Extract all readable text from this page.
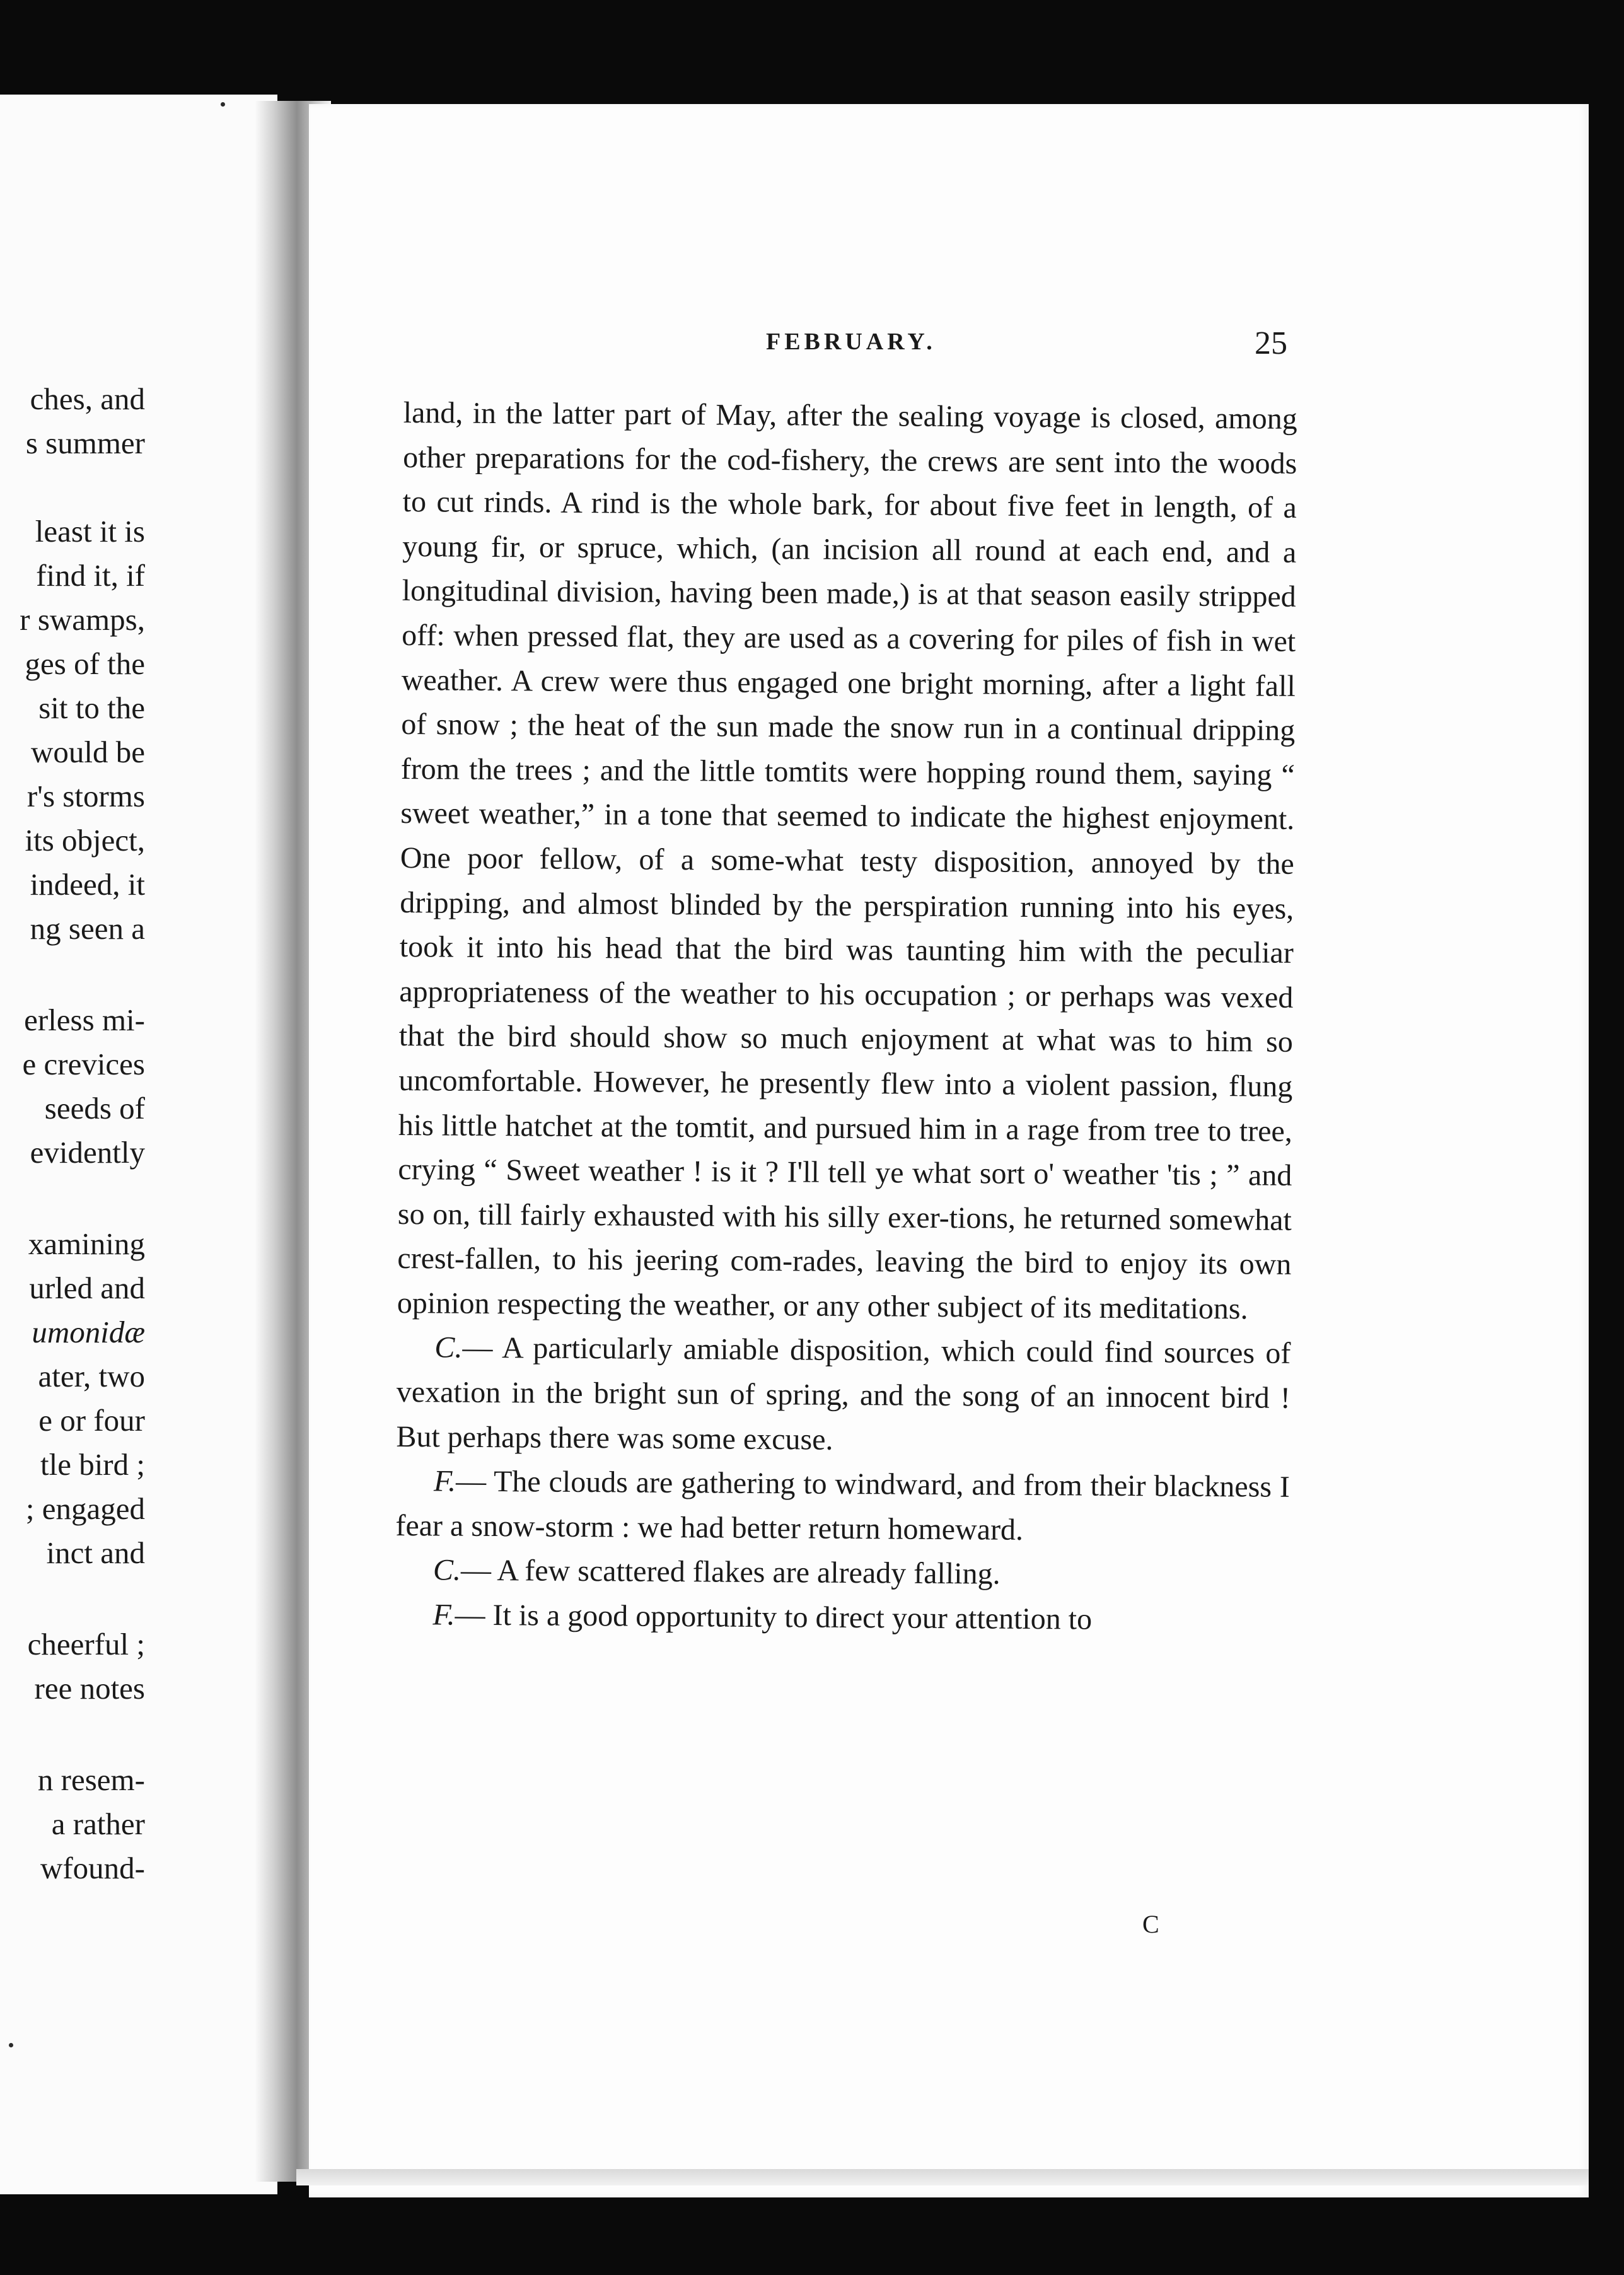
ches, and
s summer
least it is
find it, if
r swamps,
ges of the
sit to the
would be
r's storms
its object,
indeed, it
ng seen a
erless mi-
e crevices
seeds of
evidently
xamining
urled and
umonidæ
ater, two
e or four
tle bird ;
; engaged
inct and
cheerful ;
ree notes
n resem-
a rather
wfound-
FEBRUARY.	25

land, in the latter part of May, after the sealing voyage is closed, among other preparations for the cod-fishery, the crews are sent into the woods to cut rinds. A rind is the whole bark, for about five feet in length, of a young fir, or spruce, which, (an incision all round at each end, and a longitudinal division, having been made,) is at that season easily stripped off: when pressed flat, they are used as a covering for piles of fish in wet weather. A crew were thus engaged one bright morning, after a light fall of snow ; the heat of the sun made the snow run in a continual dripping from the trees ; and the little tomtits were hopping round them, saying “ sweet weather,” in a tone that seemed to indicate the highest enjoyment. One poor fellow, of a some-what testy disposition, annoyed by the dripping, and almost blinded by the perspiration running into his eyes, took it into his head that the bird was taunting him with the peculiar appropriateness of the weather to his occupation ; or perhaps was vexed that the bird should show so much enjoyment at what was to him so uncomfortable. However, he presently flew into a violent passion, flung his little hatchet at the tomtit, and pursued him in a rage from tree to tree, crying “ Sweet weather ! is it ? I'll tell ye what sort o' weather 'tis ; ” and so on, till fairly exhausted with his silly exer-tions, he returned somewhat crest-fallen, to his jeering com-rades, leaving the bird to enjoy its own opinion respecting the weather, or any other subject of its meditations.

C.— A particularly amiable disposition, which could find sources of vexation in the bright sun of spring, and the song of an innocent bird ! But perhaps there was some excuse.

F.— The clouds are gathering to windward, and from their blackness I fear a snow-storm : we had better return homeward.

C.— A few scattered flakes are already falling.

F.— It is a good opportunity to direct your attention to

C
